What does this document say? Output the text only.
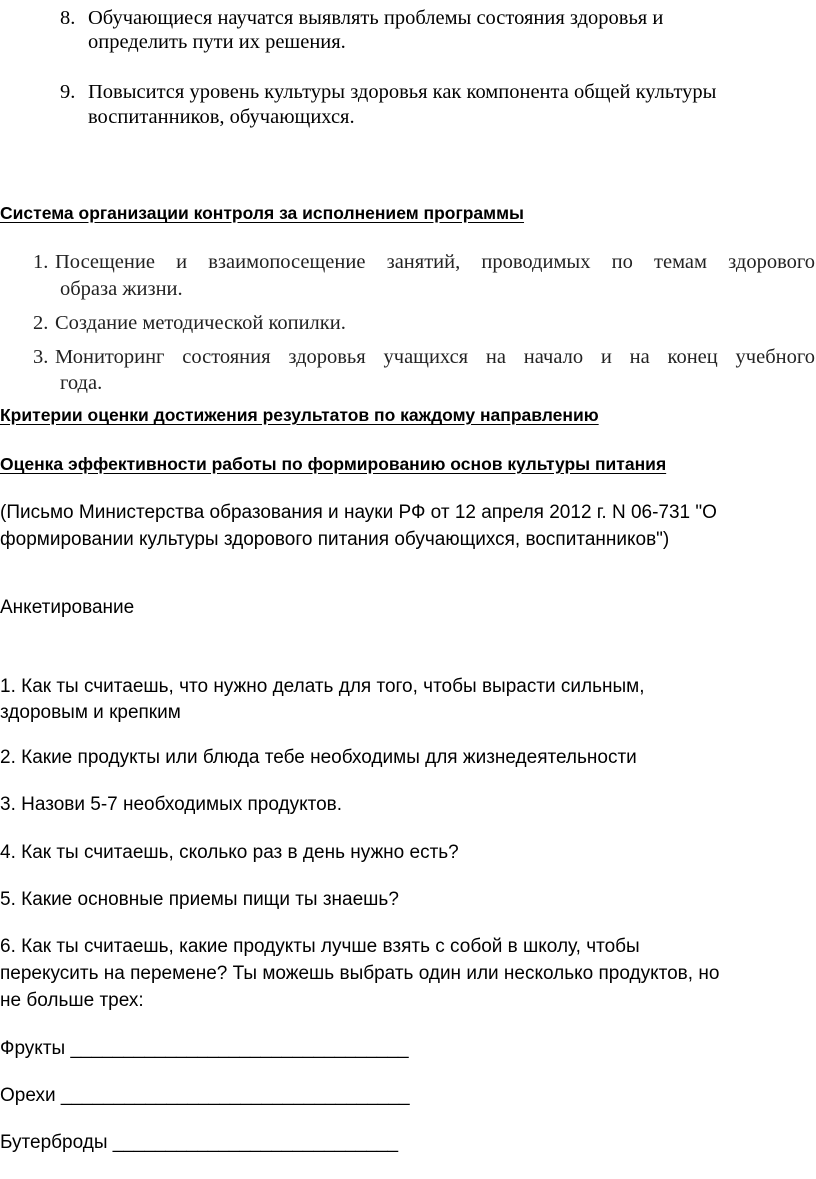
8. Обучающиеся научатся выявлять проблемы состояния здоровья и
определить пути их решения.
9. Повысится уровень культуры здоровья как компонента общей культуры
воспитанников, обучающихся.
Система организации контроля за исполнением программы
1. Посещение и взаимопосещение занятий, проводимых по темам здорового
образа жизни.
2. Создание методической копилки.
3. Мониторинг состояния здоровья учащихся на начало и на конец учебного
года.
Критерии оценки достижения результатов по каждому направлению
Оценка эффективности работы по формированию основ культуры питания
(Письмо Министерства образования и науки РФ от 12 апреля 2012 г. N 06-731 "О
формировании культуры здорового питания обучающихся, воспитанников")
Анкетирование
1. Как ты считаешь, что нужно делать для того, чтобы вырасти сильным,
здоровым и крепким
2. Какие продукты или блюда тебе необходимы для жизнедеятельности
3. Назови 5-7 необходимых продуктов.
4. Как ты считаешь, сколько раз в день нужно есть?
5. Какие основные приемы пищи ты знаешь?
6. Как ты считаешь, какие продукты лучше взять с собой в школу, чтобы
перекусить на перемене? Ты можешь выбрать один или несколько продуктов, но
не больше трех:
Фрукты ________________________________
Орехи _________________________________
Бутерброды ___________________________
